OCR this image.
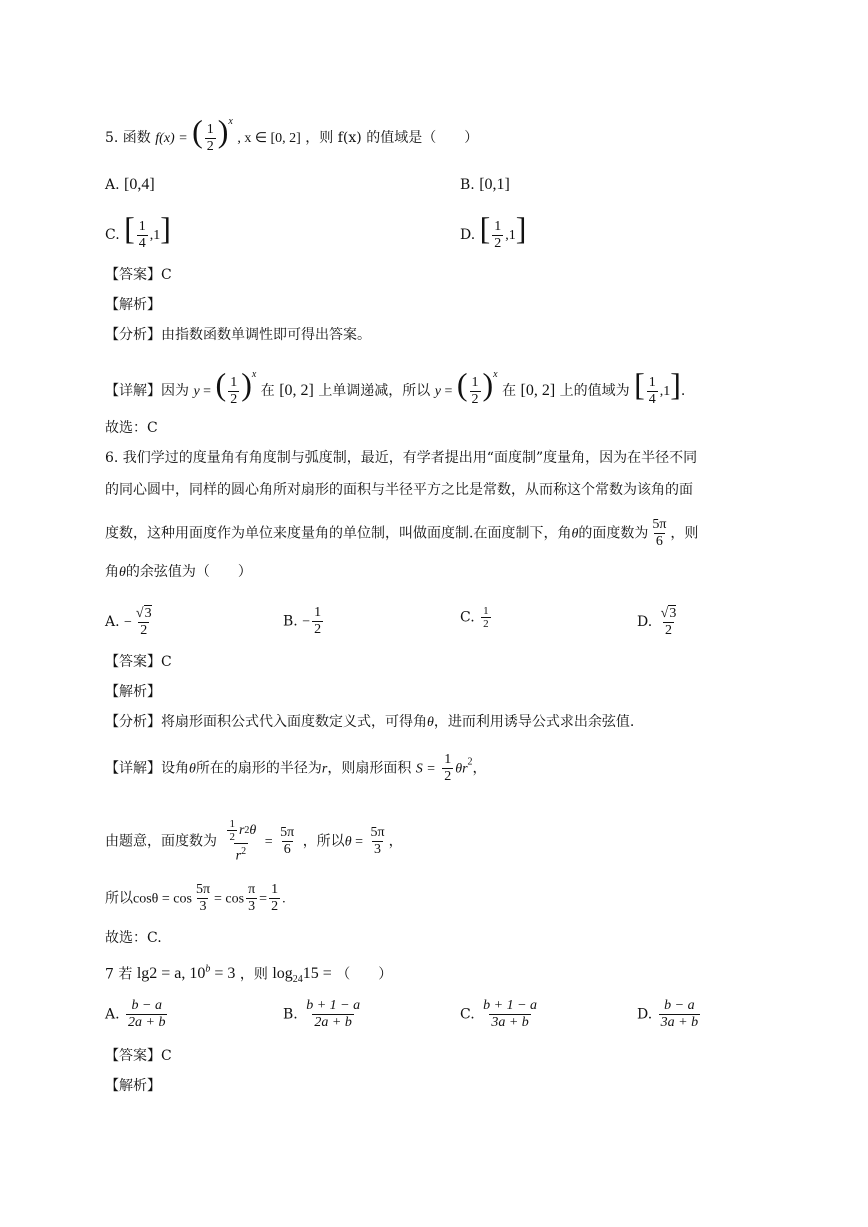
5. 函数 f(x) = ( $\frac{1}{2} )^x$ , x ∈ [0, 2] ，则 f(x) 的值域是（　　）
A. [0,4]	B. [0,1]
C. [ $\frac{1}{4} ,1$]	D. [ $\frac{1}{2} ,1$]
【答案】C
【解析】
【分析】由指数函数单调性即可得出答案。
【详解】因为 y = ( $\frac{1}{2} )^x$ 在 [0, 2] 上单调递减，所以 y = ( $\frac{1}{2} )^x$ 在 [0, 2] 上的值域为 [ $\frac{1}{4} ,1$].
故选：C
6. 我们学过的度量角有角度制与弧度制，最近，有学者提出用“面度制”度量角，因为在半径不同
的同心圆中，同样的圆心角所对扇形的面积与半径平方之比是常数，从而称这个常数为该角的面
度数，这种用面度作为单位来度量角的单位制，叫做面度制.在面度制下，角θ的面度数为 $\frac{5\pi}{6}$ ，则
角θ的余弦值为（　　）
A. − $\frac{√3}{2}$	B. − $\frac{1}{2}$	C. $\frac{1}{2}$	D. $\frac{√3}{2}$
【答案】C
【解析】
【分析】将扇形面积公式代入面度数定义式，可得角θ，进而利用诱导公式求出余弦值.
【详解】设角θ所在的扇形的半径为r，则扇形面积 $S = \frac{1}{2} \theta r^2$，
由题意，面度数为 $\frac{\frac{1}{2} r 2 \theta}{r^2} = \frac{5\pi}{6}$ ，所以$\theta = \frac{5\pi}{3}$ ，
所以$\cos\theta = \cos \frac{5\pi}{3} = \cos \frac{\pi}{3} = \frac{1}{2}$ .
故选：C.
7 若 lg2 = a, $10^b = 3$ ，则 $\log_{24}15$ = （　　）
A. $\frac{b - a}{2a + b}$	B. $\frac{b + 1 - a}{2a + b}$	C. $\frac{b + 1 - a}{3a + b}$	D. $\frac{b - a}{3a + b}$
【答案】C
【解析】
